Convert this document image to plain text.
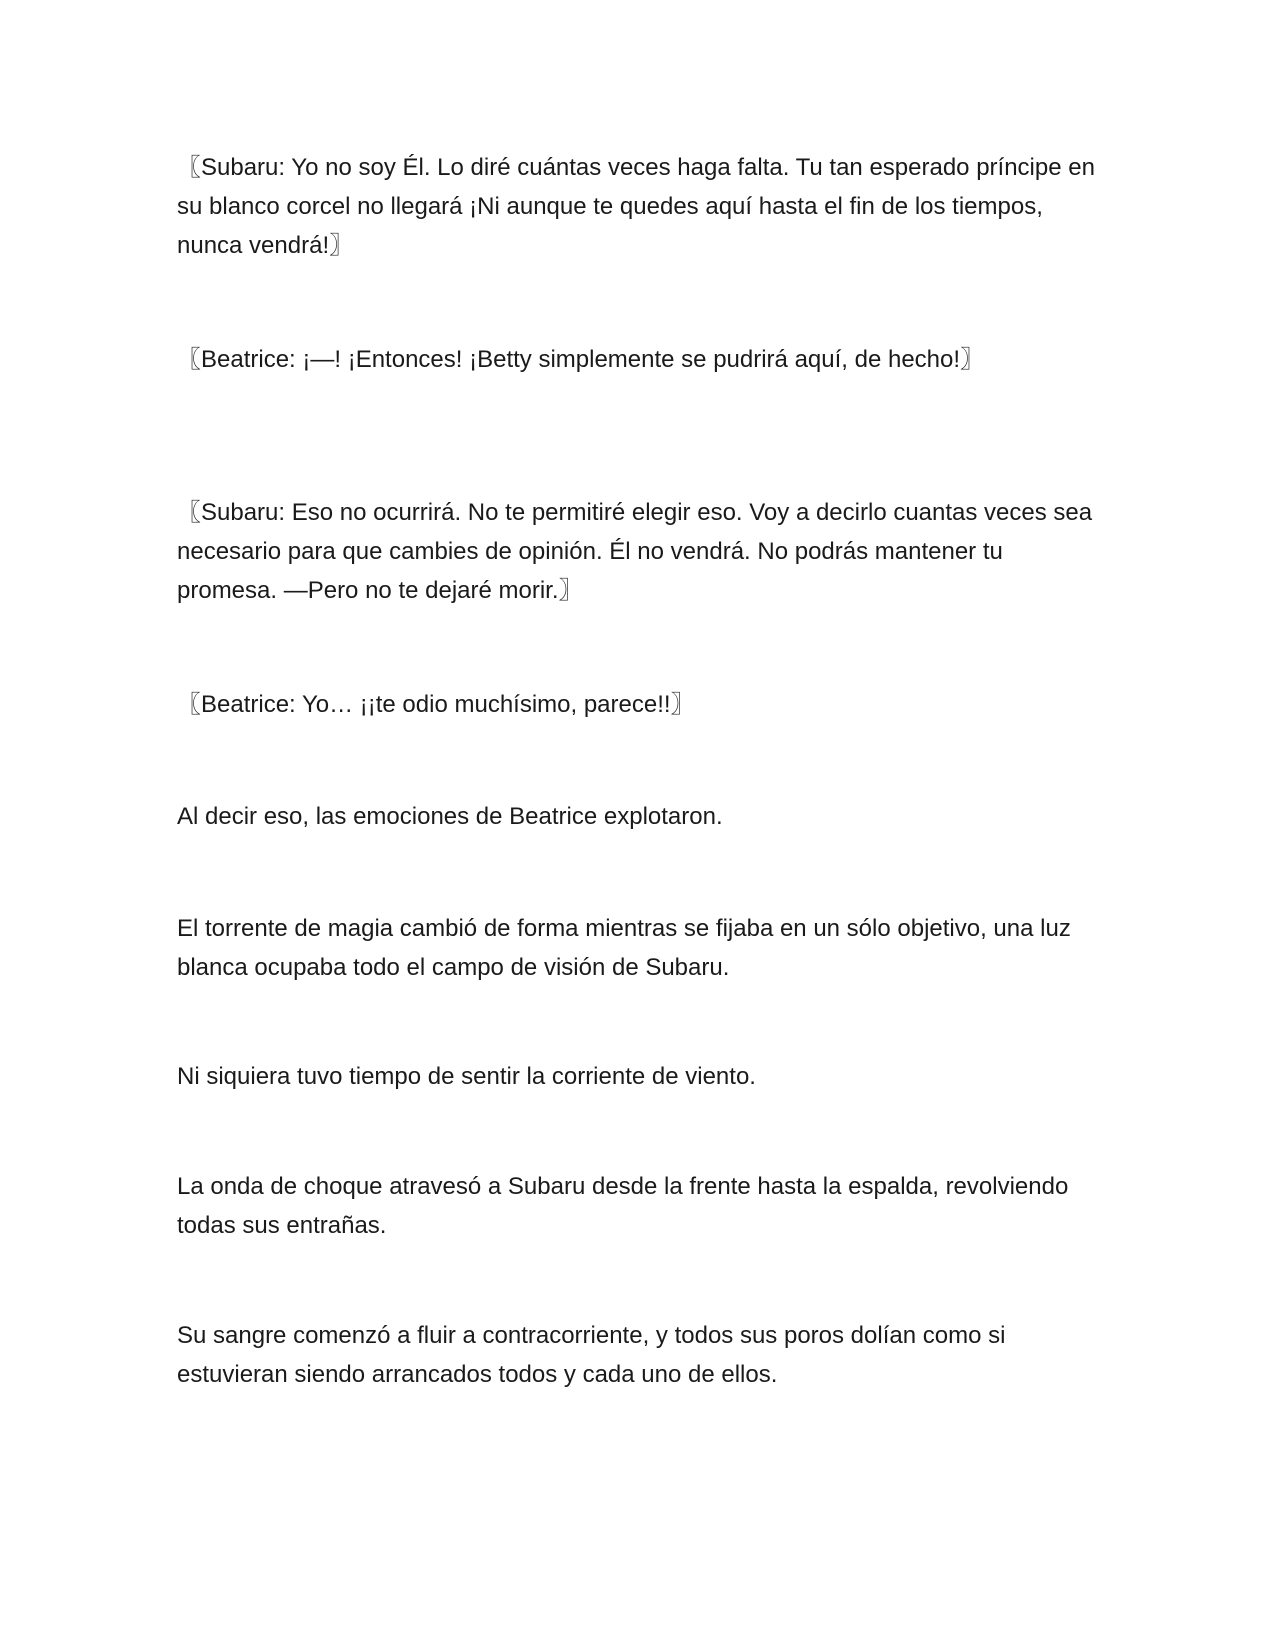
〖Subaru: Yo no soy Él. Lo diré cuántas veces haga falta. Tu tan esperado príncipe en su blanco corcel no llegará ¡Ni aunque te quedes aquí hasta el fin de los tiempos, nunca vendrá!〗

〖Beatrice: ¡—! ¡Entonces! ¡Betty simplemente se pudrirá aquí, de hecho!〗

〖Subaru: Eso no ocurrirá. No te permitiré elegir eso. Voy a decirlo cuantas veces sea necesario para que cambies de opinión. Él no vendrá. No podrás mantener tu promesa. —Pero no te dejaré morir.〗

〖Beatrice: Yo… ¡¡te odio muchísimo, parece!!〗

Al decir eso, las emociones de Beatrice explotaron.

El torrente de magia cambió de forma mientras se fijaba en un sólo objetivo, una luz blanca ocupaba todo el campo de visión de Subaru.

Ni siquiera tuvo tiempo de sentir la corriente de viento.

La onda de choque atravesó a Subaru desde la frente hasta la espalda, revolviendo todas sus entrañas.

Su sangre comenzó a fluir a contracorriente, y todos sus poros dolían como si estuvieran siendo arrancados todos y cada uno de ellos.
